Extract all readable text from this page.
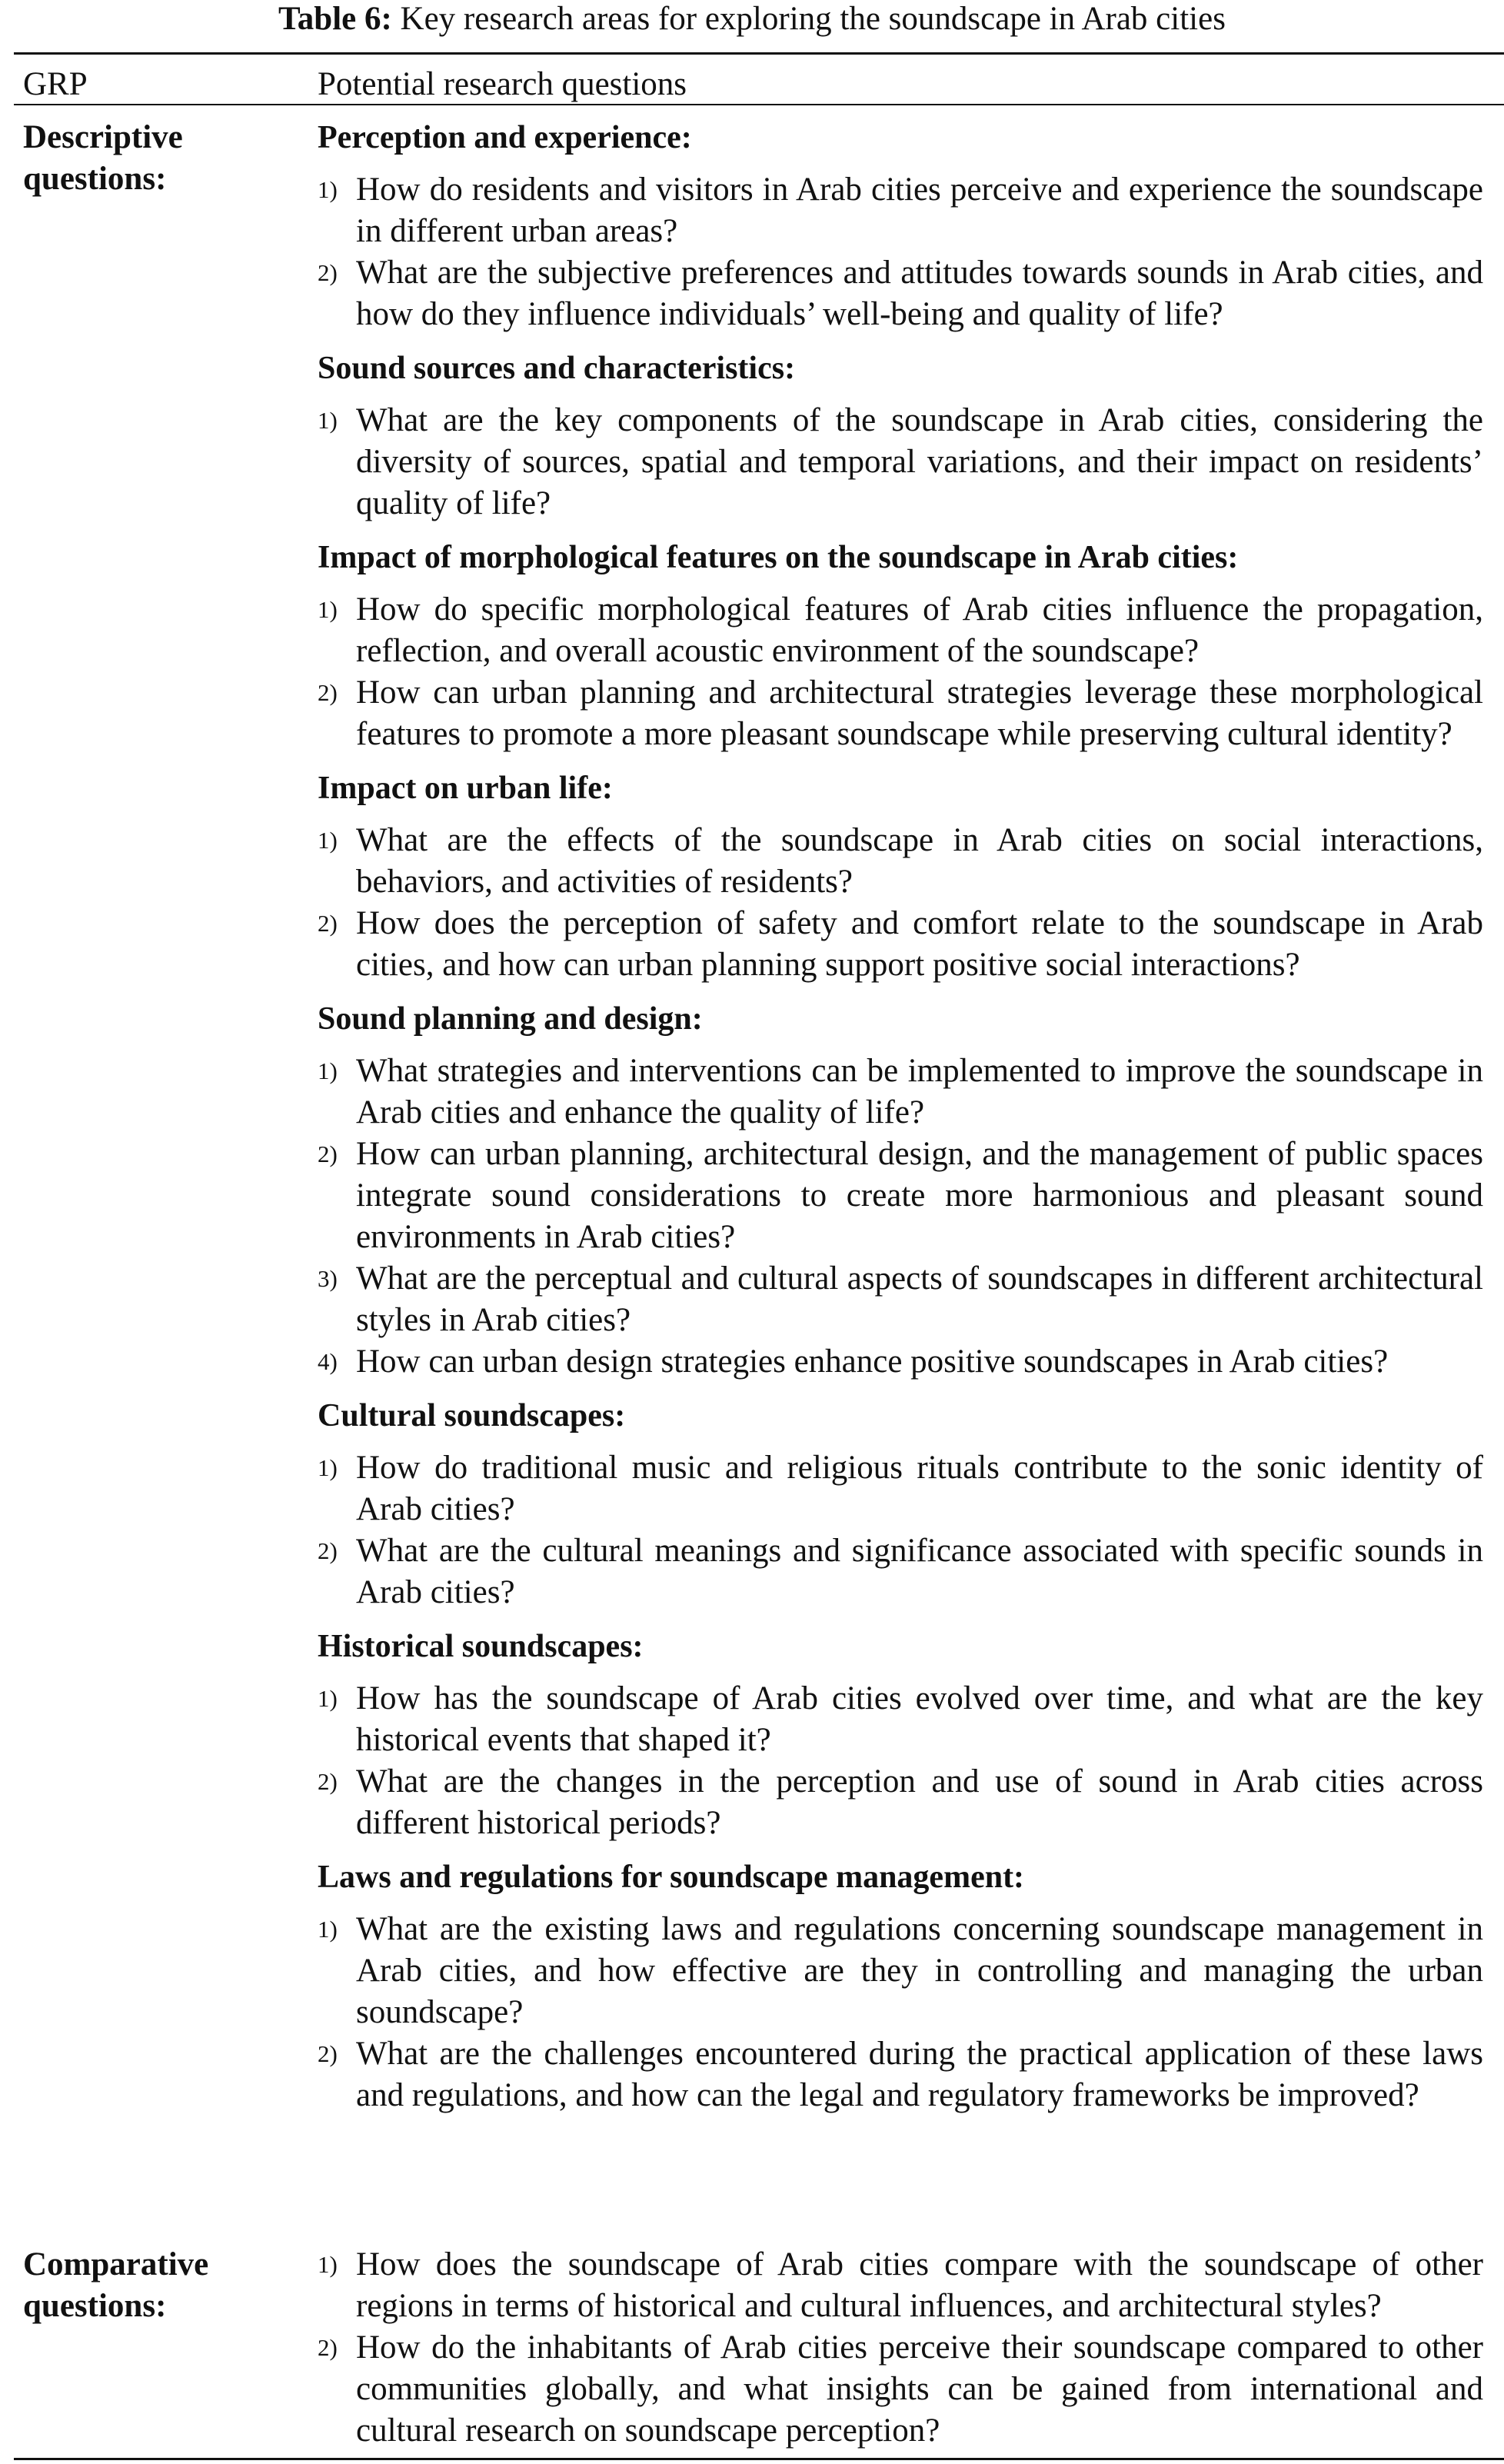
Table 6: Key research areas for exploring the soundscape in Arab cities
GRP	Potential research questions
Descriptive questions:
Perception and experience:
1) How do residents and visitors in Arab cities perceive and experience the soundscape in different urban areas?
2) What are the subjective preferences and attitudes towards sounds in Arab cities, and how do they influence individuals’ well-being and quality of life?
Sound sources and characteristics:
1) What are the key components of the soundscape in Arab cities, considering the diversity of sources, spatial and temporal variations, and their impact on residents’ quality of life?
Impact of morphological features on the soundscape in Arab cities:
1) How do specific morphological features of Arab cities influence the propagation, reflection, and overall acoustic environment of the soundscape?
2) How can urban planning and architectural strategies leverage these morphological features to promote a more pleasant soundscape while preserving cultural identity?
Impact on urban life:
1) What are the effects of the soundscape in Arab cities on social interactions, behaviors, and activities of residents?
2) How does the perception of safety and comfort relate to the soundscape in Arab cities, and how can urban planning support positive social interactions?
Sound planning and design:
1) What strategies and interventions can be implemented to improve the soundscape in Arab cities and enhance the quality of life?
2) How can urban planning, architectural design, and the management of public spaces integrate sound considerations to create more harmonious and pleasant sound environments in Arab cities?
3) What are the perceptual and cultural aspects of soundscapes in different architectural styles in Arab cities?
4) How can urban design strategies enhance positive soundscapes in Arab cities?
Cultural soundscapes:
1) How do traditional music and religious rituals contribute to the sonic identity of Arab cities?
2) What are the cultural meanings and significance associated with specific sounds in Arab cities?
Historical soundscapes:
1) How has the soundscape of Arab cities evolved over time, and what are the key historical events that shaped it?
2) What are the changes in the perception and use of sound in Arab cities across different historical periods?
Laws and regulations for soundscape management:
1) What are the existing laws and regulations concerning soundscape management in Arab cities, and how effective are they in controlling and managing the urban soundscape?
2) What are the challenges encountered during the practical application of these laws and regulations, and how can the legal and regulatory frameworks be improved?
Comparative questions:
1) How does the soundscape of Arab cities compare with the soundscape of other regions in terms of historical and cultural influences, and architectural styles?
2) How do the inhabitants of Arab cities perceive their soundscape compared to other communities globally, and what insights can be gained from international and cultural research on soundscape perception?
